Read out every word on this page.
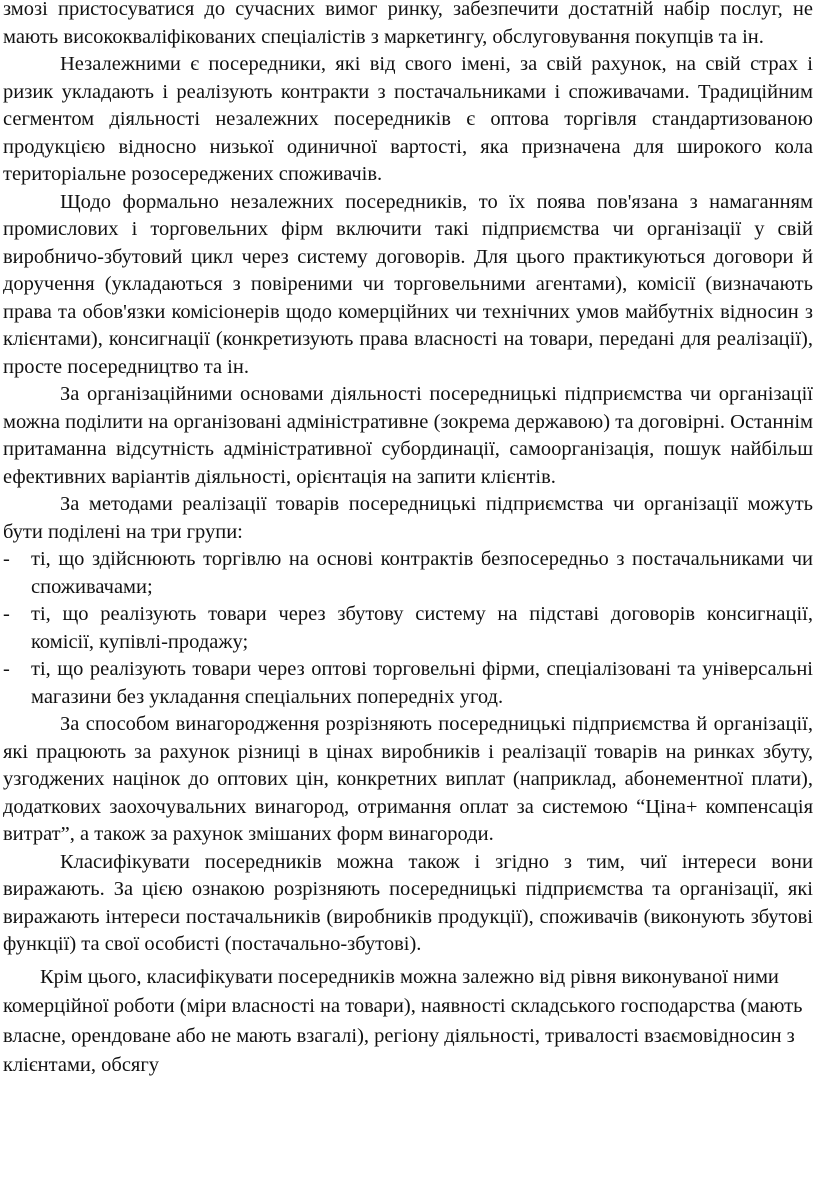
змозі пристосуватися до сучасних вимог ринку, забезпечити достатній набір послуг, не мають висококваліфікованих спеціалістів з маркетингу, обслуговування покупців та ін.

Незалежними є посередники, які від свого імені, за свій рахунок, на свій страх і ризик укладають і реалізують контракти з постачальниками і споживачами. Традиційним сегментом діяльності незалежних посередників є оптова торгівля стандартизованою продукцією відносно низької одиничної вартості, яка призначена для широкого кола територіальне розосереджених споживачів.

Щодо формально незалежних посередників, то їх поява пов'язана з намаганням промислових і торговельних фірм включити такі підприємства чи організації у свій виробничо-збутовий цикл через систему договорів. Для цього практикуються договори й доручення (укладаються з повіреними чи торговельними агентами), комісії (визначають права та обов'язки комісіонерів щодо комерційних чи технічних умов майбутніх відносин з клієнтами), консигнації (конкретизують права власності на товари, передані для реалізації), просте посередництво та ін.

За організаційними основами діяльності посередницькі підприємства чи організації можна поділити на організовані адміністративне (зокрема державою) та договірні. Останнім притаманна відсутність адміністративної субординації, самоорганізація, пошук найбільш ефективних варіантів діяльності, орієнтація на запити клієнтів.

За методами реалізації товарів посередницькі підприємства чи організації можуть бути поділені на три групи:

- ті, що здійснюють торгівлю на основі контрактів безпосередньо з постачальниками чи споживачами;
- ті, що реалізують товари через збутову систему на підставі договорів консигнації, комісії, купівлі-продажу;
- ті, що реалізують товари через оптові торговельні фірми, спеціалізовані та універсальні магазини без укладання спеціальних попередніх угод.

За способом винагородження розрізняють посередницькі підприємства й організації, які працюють за рахунок різниці в цінах виробників і реалізації товарів на ринках збуту, узгоджених націнок до оптових цін, конкретних виплат (наприклад, абонементної плати), додаткових заохочувальних винагород, отримання оплат за системою “Ціна+ компенсація витрат”, а також за рахунок змішаних форм винагороди.

Класифікувати посередників можна також і згідно з тим, чиї інтереси вони виражають. За цією ознакою розрізняють посередницькі підприємства та організації, які виражають інтереси постачальників (виробників продукції), споживачів (виконують збутові функції) та свої особисті (постачально-збутові).

Крім цього, класифікувати посередників можна залежно від рівня виконуваної ними комерційної роботи (міри власності на товари), наявності складського господарства (мають власне, орендоване або не мають взагалі), регіону діяльності, тривалості взаємовідносин з клієнтами, обсягу
